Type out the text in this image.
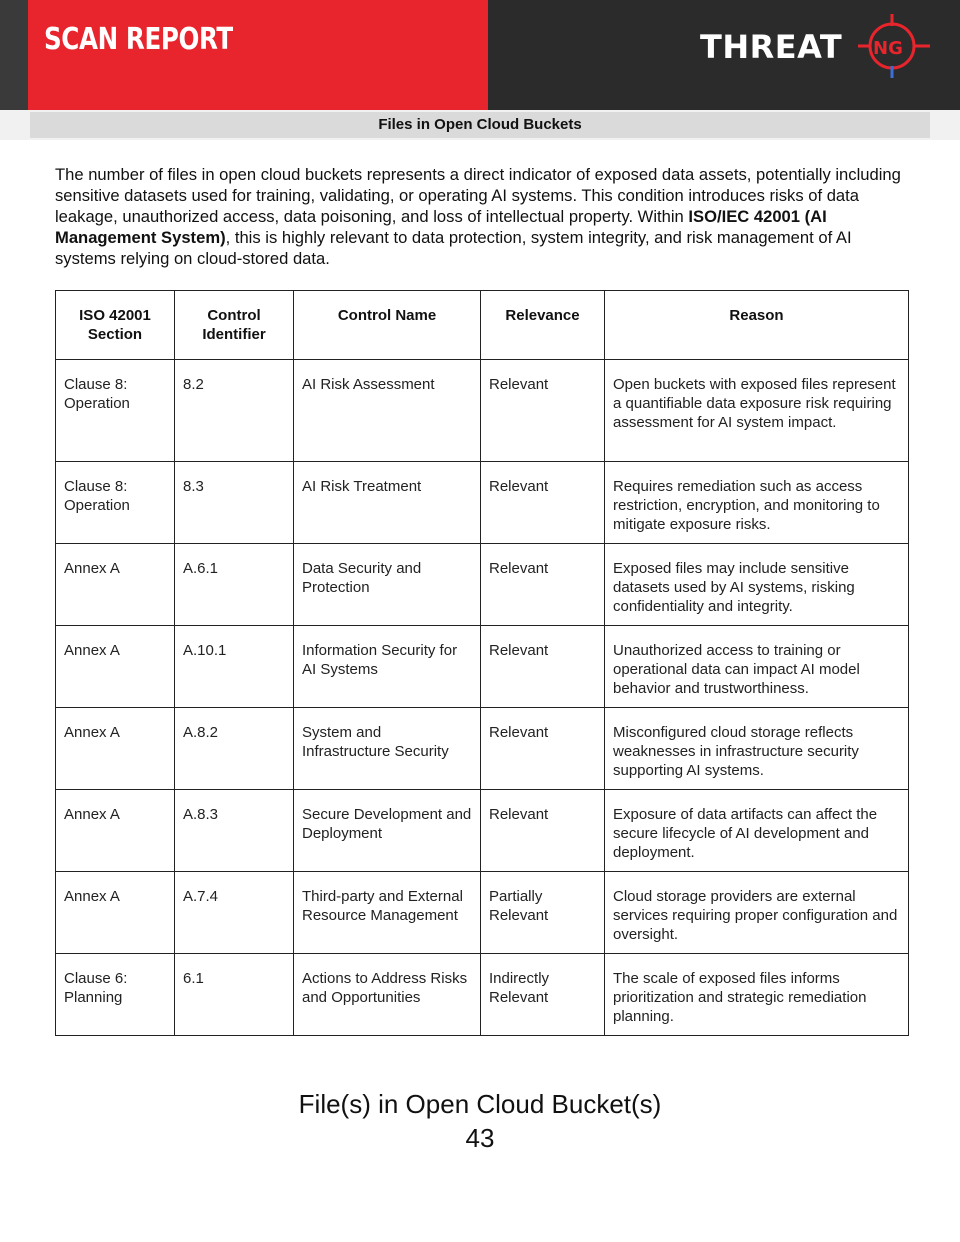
SCAN REPORT	THREAT NG
Files in Open Cloud Buckets
The number of files in open cloud buckets represents a direct indicator of exposed data assets, potentially including sensitive datasets used for training, validating, or operating AI systems. This condition introduces risks of data leakage, unauthorized access, data poisoning, and loss of intellectual property. Within ISO/IEC 42001 (AI Management System), this is highly relevant to data protection, system integrity, and risk management of AI systems relying on cloud-stored data.
ISO 42001 Section	Control Identifier	Control Name	Relevance	Reason
Clause 8: Operation	8.2	AI Risk Assessment	Relevant	Open buckets with exposed files represent a quantifiable data exposure risk requiring assessment for AI system impact.
Clause 8: Operation	8.3	AI Risk Treatment	Relevant	Requires remediation such as access restriction, encryption, and monitoring to mitigate exposure risks.
Annex A	A.6.1	Data Security and Protection	Relevant	Exposed files may include sensitive datasets used by AI systems, risking confidentiality and integrity.
Annex A	A.10.1	Information Security for AI Systems	Relevant	Unauthorized access to training or operational data can impact AI model behavior and trustworthiness.
Annex A	A.8.2	System and Infrastructure Security	Relevant	Misconfigured cloud storage reflects weaknesses in infrastructure security supporting AI systems.
Annex A	A.8.3	Secure Development and Deployment	Relevant	Exposure of data artifacts can affect the secure lifecycle of AI development and deployment.
Annex A	A.7.4	Third-party and External Resource Management	Partially Relevant	Cloud storage providers are external services requiring proper configuration and oversight.
Clause 6: Planning	6.1	Actions to Address Risks and Opportunities	Indirectly Relevant	The scale of exposed files informs prioritization and strategic remediation planning.
File(s) in Open Cloud Bucket(s)
43
